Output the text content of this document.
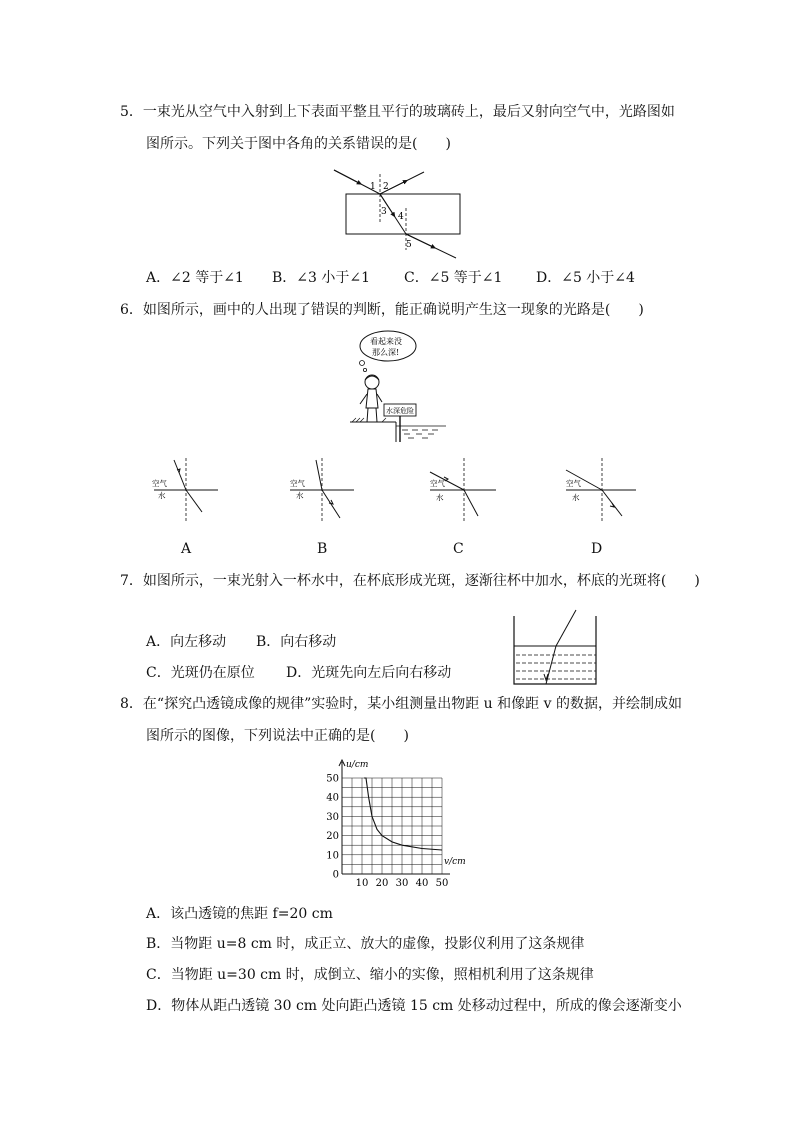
5．一束光从空气中入射到上下表面平整且平行的玻璃砖上，最后又射向空气中，光路图如
图所示。下列关于图中各角的关系错误的是(　　)
1 2
3 4
5
A．∠2 等于∠1 B．∠3 小于∠1 C．∠5 等于∠1 D．∠5 小于∠4
6．如图所示，画中的人出现了错误的判断，能正确说明产生这一现象的光路是(　　)
看起来没
那么深!
水深危险
空气
水
空气
水
空气
水
空气
水
A	B	C	D
7．如图所示，一束光射入一杯水中，在杯底形成光斑，逐渐往杯中加水，杯底的光斑将(　　)
A．向左移动 B．向右移动
C．光斑仍在原位 D．光斑先向左后向右移动
8．在“探究凸透镜成像的规律”实验时，某小组测量出物距 u 和像距 v 的数据，并绘制成如
图所示的图像，下列说法中正确的是(　　)
u/cm
v/cm
10 20 30 40 50
0
10
20
30
40
50
A．该凸透镜的焦距 f=20 cm
B．当物距 u=8 cm 时，成正立、放大的虚像，投影仪利用了这条规律
C．当物距 u=30 cm 时，成倒立、缩小的实像，照相机利用了这条规律
D．物体从距凸透镜 30 cm 处向距凸透镜 15 cm 处移动过程中，所成的像会逐渐变小
